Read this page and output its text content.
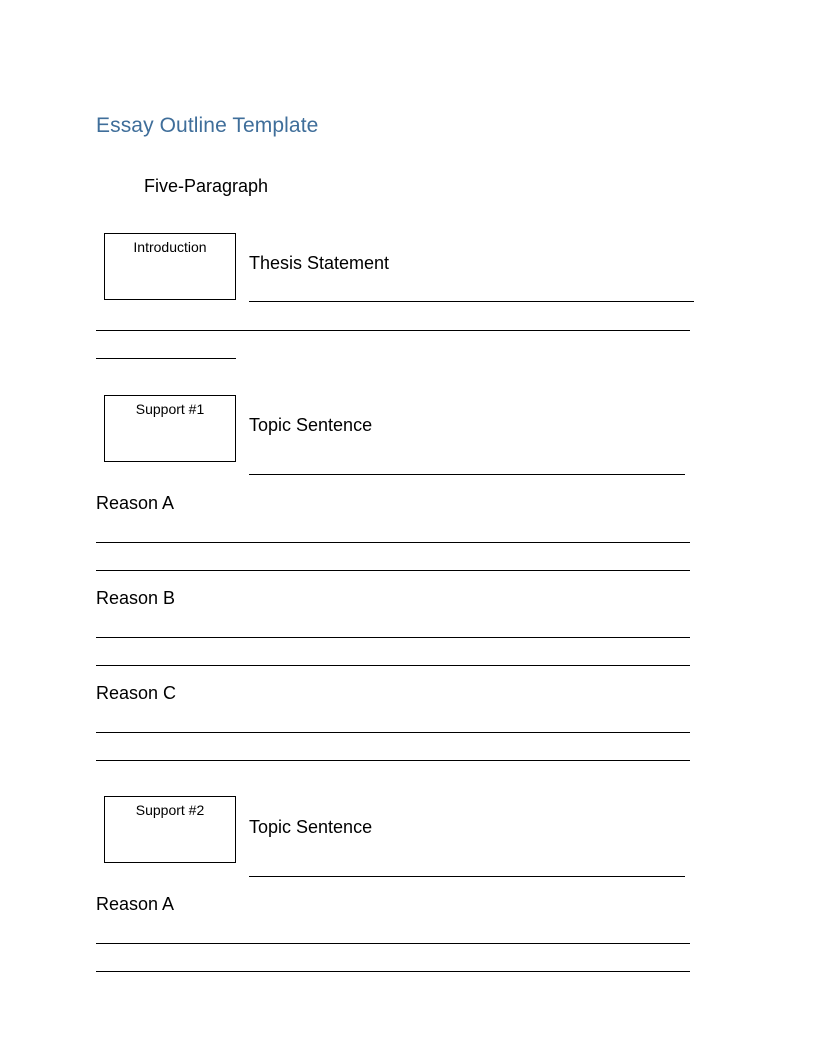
Essay Outline Template
Five-Paragraph
Introduction
Thesis Statement
Support #1
Topic Sentence
Reason A
Reason B
Reason C
Support #2
Topic Sentence
Reason A
